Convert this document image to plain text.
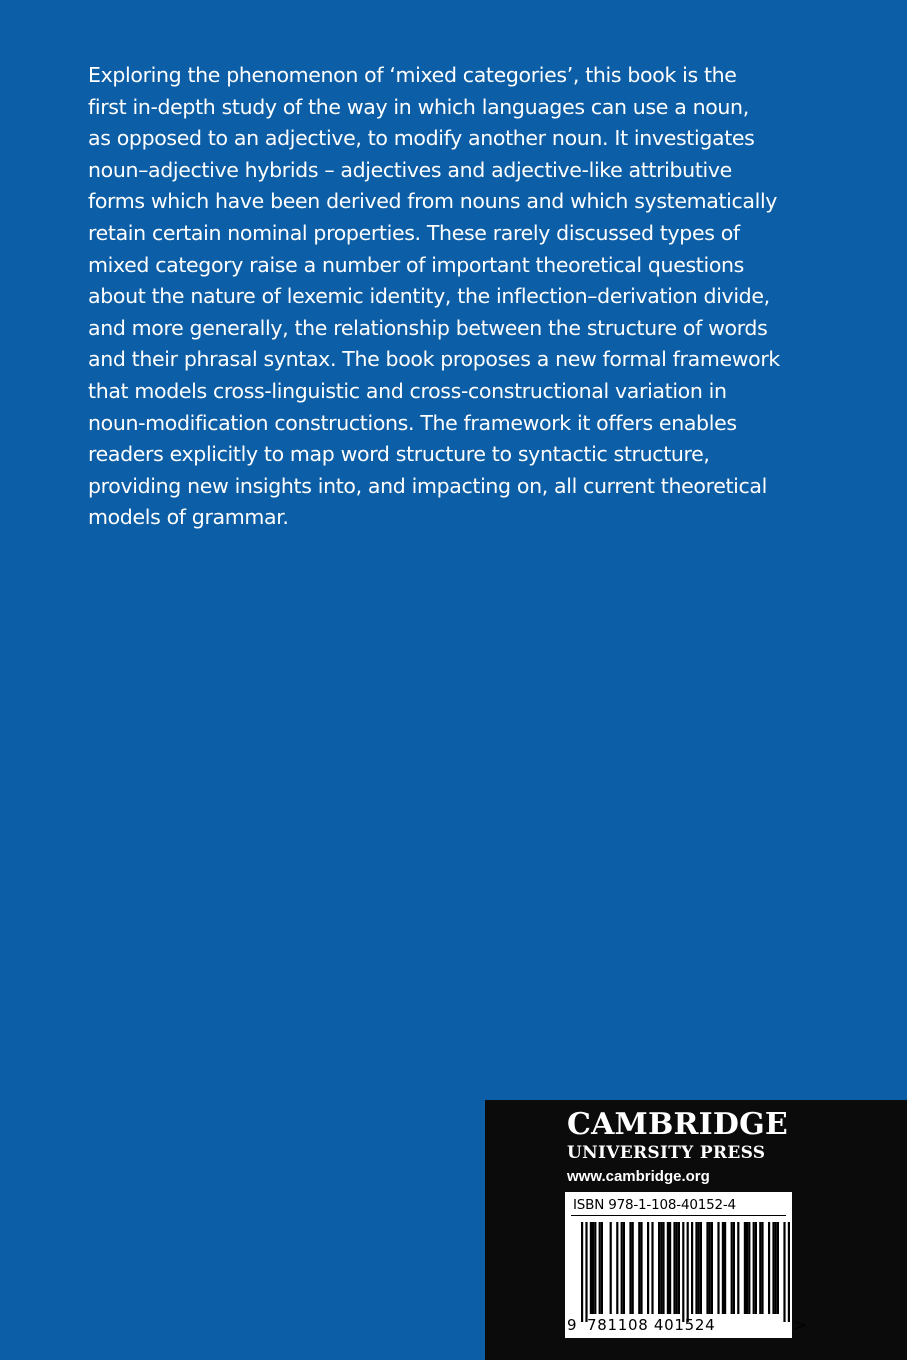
Exploring the phenomenon of ‘mixed categories’, this book is the
first in-depth study of the way in which languages can use a noun,
as opposed to an adjective, to modify another noun. It investigates
noun–adjective hybrids – adjectives and adjective-like attributive
forms which have been derived from nouns and which systematically
retain certain nominal properties. These rarely discussed types of
mixed category raise a number of important theoretical questions
about the nature of lexemic identity, the inflection–derivation divide,
and more generally, the relationship between the structure of words
and their phrasal syntax. The book proposes a new formal framework
that models cross-linguistic and cross-constructional variation in
noun-modification constructions. The framework it offers enables
readers explicitly to map word structure to syntactic structure,
providing new insights into, and impacting on, all current theoretical
models of grammar.
CAMBRIDGE
UNIVERSITY PRESS
www.cambridge.org
ISBN 978-1-108-40152-4
>
9 781108 401524
